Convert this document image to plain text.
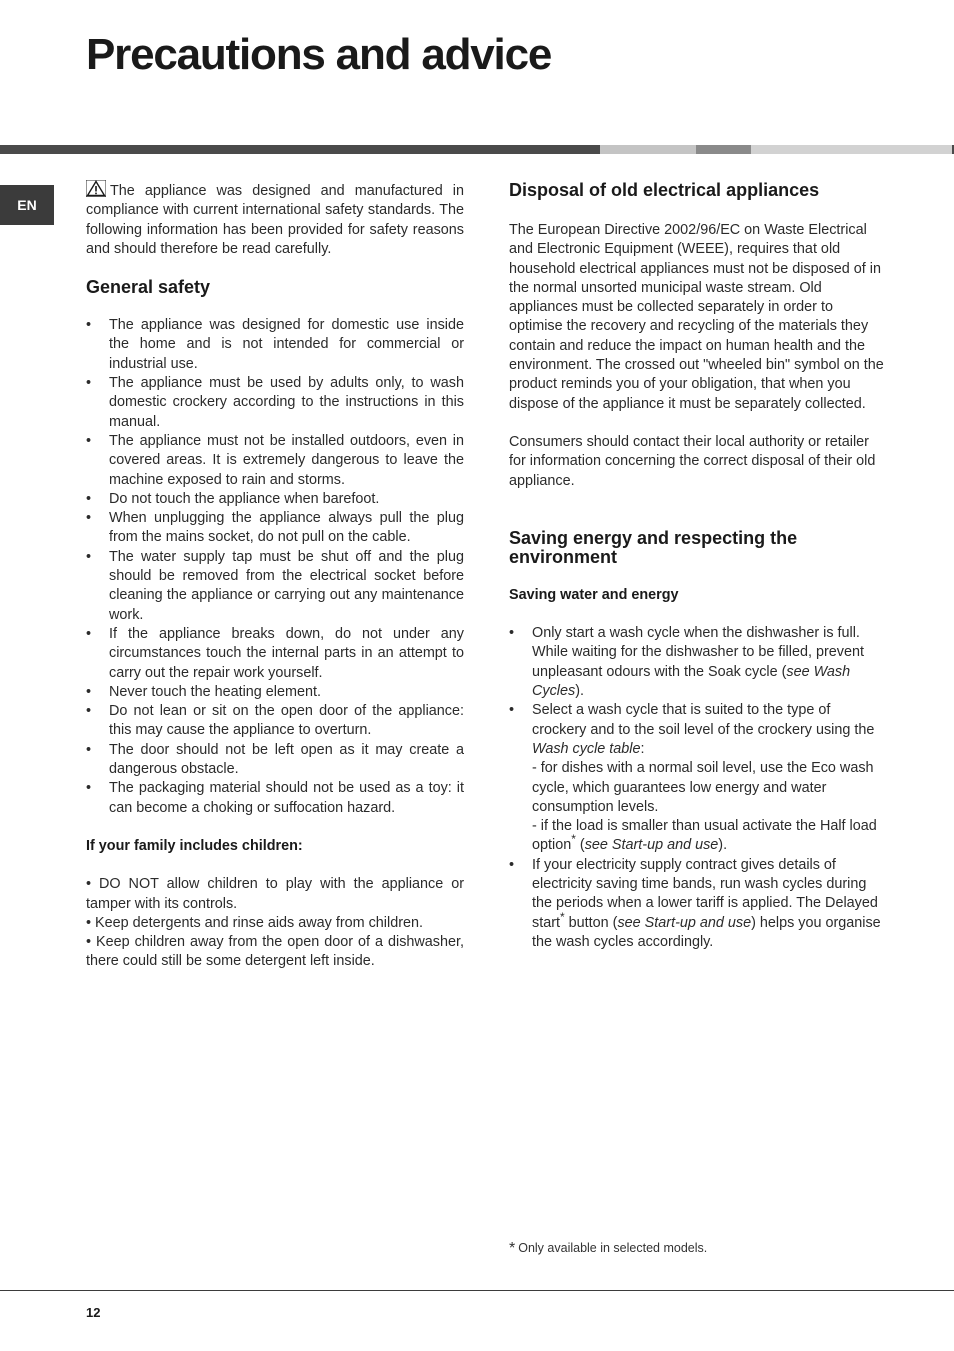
Precautions and advice
EN

The appliance was designed and manufactured in compliance with current international safety standards. The following information has been provided for safety reasons and should therefore be read carefully.

General safety
• The appliance was designed for domestic use inside the home and is not intended for commercial or industrial use.
• The appliance must be used by adults only, to wash domestic crockery according to the instructions in this manual.
• The appliance must not be installed outdoors, even in covered areas. It is extremely dangerous to leave the machine exposed to rain and storms.
• Do not touch the appliance when barefoot.
• When unplugging the appliance always pull the plug from the mains socket, do not pull on the cable.
• The water supply tap must be shut off and the plug should be removed from the electrical socket before cleaning the appliance or carrying out any maintenance work.
• If the appliance breaks down, do not under any circumstances touch the internal parts in an attempt to carry out the repair work yourself.
• Never touch the heating element.
• Do not lean or sit on the open door of the appliance: this may cause the appliance to overturn.
• The door should not be left open as it may create a dangerous obstacle.
• The packaging material should not be used as a toy: it can become a choking or suffocation hazard.
If your family includes children:

• DO NOT allow children to play with the appliance or tamper with its controls.

• Keep detergents and rinse aids away from children.

• Keep children away from the open door of a dishwasher, there could still be some detergent left inside.

Disposal of old electrical appliances

The European Directive 2002/96/EC on Waste Electrical and Electronic Equipment (WEEE), requires that old household electrical appliances must not be disposed of in the normal unsorted municipal waste stream. Old appliances must be collected separately in order to optimise the recovery and recycling of the materials they contain and reduce the impact on human health and the environment. The crossed out "wheeled bin" symbol on the product reminds you of your obligation, that when you dispose of the appliance it must be separately collected.

Consumers should contact their local authority or retailer for information concerning the correct disposal of their old appliance.

Saving energy and respecting the environment
Saving water and energy
• Only start a wash cycle when the dishwasher is full. While waiting for the dishwasher to be filled, prevent unpleasant odours with the Soak cycle (see Wash Cycles).
• Select a wash cycle that is suited to the type of crockery and to the soil level of the crockery using the Wash cycle table:
- for dishes with a normal soil level, use the Eco wash cycle, which guarantees low energy and water consumption levels.
- if the load is smaller than usual activate the Half load option* (see Start-up and use).
• If your electricity supply contract gives details of electricity saving time bands, run wash cycles during the periods when a lower tariff is applied. The Delayed start* button (see Start-up and use) helps you organise the wash cycles accordingly.
* Only available in selected models.
12
